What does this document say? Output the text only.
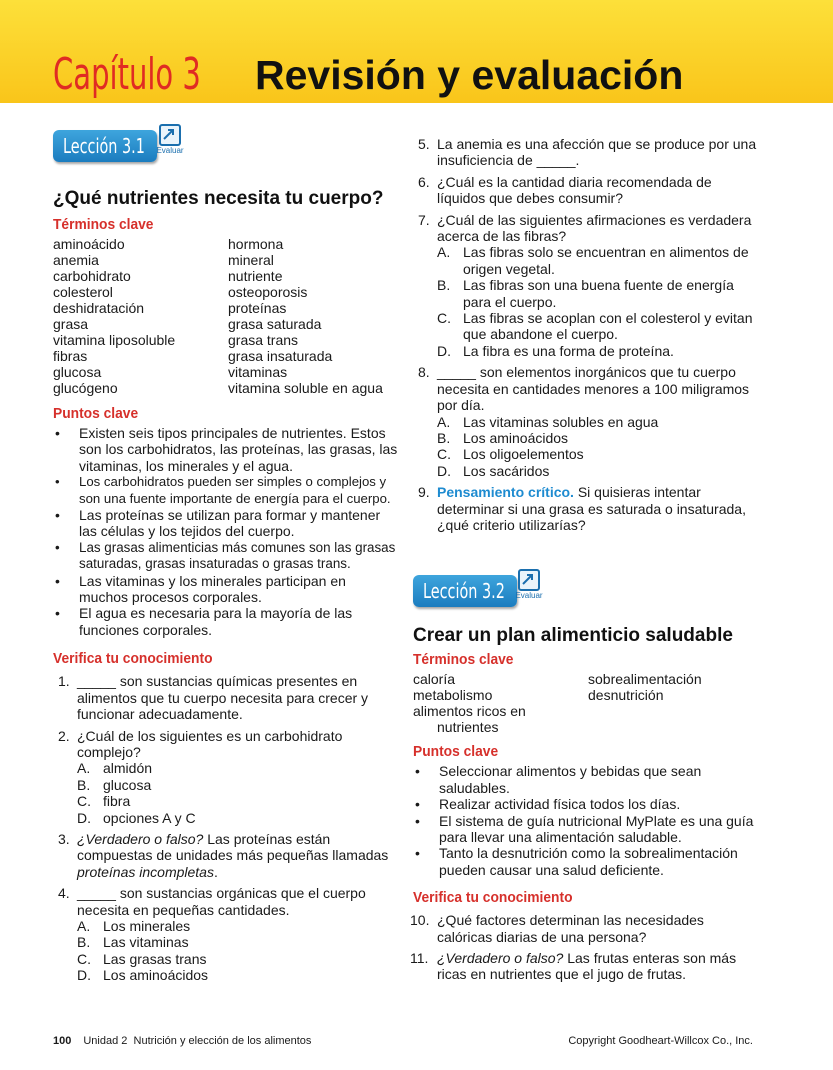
Capítulo 3 Revisión y evaluación
Lección 3.1	Evaluar
¿Qué nutrientes necesita tu cuerpo?
Términos clave
aminoácido	hormona
anemia	mineral
carbohidrato	nutriente
colesterol	osteoporosis
deshidratación	proteínas
grasa	grasa saturada
vitamina liposoluble	grasa trans
fibras	grasa insaturada
glucosa	vitaminas
glucógeno	vitamina soluble en agua
Puntos clave
• Existen seis tipos principales de nutrientes. Estos son los carbohidratos, las proteínas, las grasas, las vitaminas, los minerales y el agua.
• Los carbohidratos pueden ser simples o complejos y son una fuente importante de energía para el cuerpo.
• Las proteínas se utilizan para formar y mantener las células y los tejidos del cuerpo.
• Las grasas alimenticias más comunes son las grasas saturadas, grasas insaturadas o grasas trans.
• Las vitaminas y los minerales participan en muchos procesos corporales.
• El agua es necesaria para la mayoría de las funciones corporales.
Verifica tu conocimiento
1. _____ son sustancias químicas presentes en alimentos que tu cuerpo necesita para crecer y funcionar adecuadamente.
2. ¿Cuál de los siguientes es un carbohidrato complejo?
A. almidón
B. glucosa
C. fibra
D. opciones A y C
3. ¿Verdadero o falso? Las proteínas están compuestas de unidades más pequeñas llamadas proteínas incompletas.
4. _____ son sustancias orgánicas que el cuerpo necesita en pequeñas cantidades.
A. Los minerales
B. Las vitaminas
C. Las grasas trans
D. Los aminoácidos
5. La anemia es una afección que se produce por una insuficiencia de _____.
6. ¿Cuál es la cantidad diaria recomendada de líquidos que debes consumir?
7. ¿Cuál de las siguientes afirmaciones es verdadera acerca de las fibras?
A. Las fibras solo se encuentran en alimentos de origen vegetal.
B. Las fibras son una buena fuente de energía para el cuerpo.
C. Las fibras se acoplan con el colesterol y evitan que abandone el cuerpo.
D. La fibra es una forma de proteína.
8. _____ son elementos inorgánicos que tu cuerpo necesita en cantidades menores a 100 miligramos por día.
A. Las vitaminas solubles en agua
B. Los aminoácidos
C. Los oligoelementos
D. Los sacáridos
9. Pensamiento crítico. Si quisieras intentar determinar si una grasa es saturada o insaturada, ¿qué criterio utilizarías?
Lección 3.2	Evaluar
Crear un plan alimenticio saludable
Términos clave
caloría	sobrealimentación
metabolismo	desnutrición
alimentos ricos en
nutrientes
Puntos clave
• Seleccionar alimentos y bebidas que sean saludables.
• Realizar actividad física todos los días.
• El sistema de guía nutricional MyPlate es una guía para llevar una alimentación saludable.
• Tanto la desnutrición como la sobrealimentación pueden causar una salud deficiente.
Verifica tu conocimiento
10. ¿Qué factores determinan las necesidades calóricas diarias de una persona?
11. ¿Verdadero o falso? Las frutas enteras son más ricas en nutrientes que el jugo de frutas.
100 Unidad 2  Nutrición y elección de los alimentos	Copyright Goodheart-Willcox Co., Inc.
